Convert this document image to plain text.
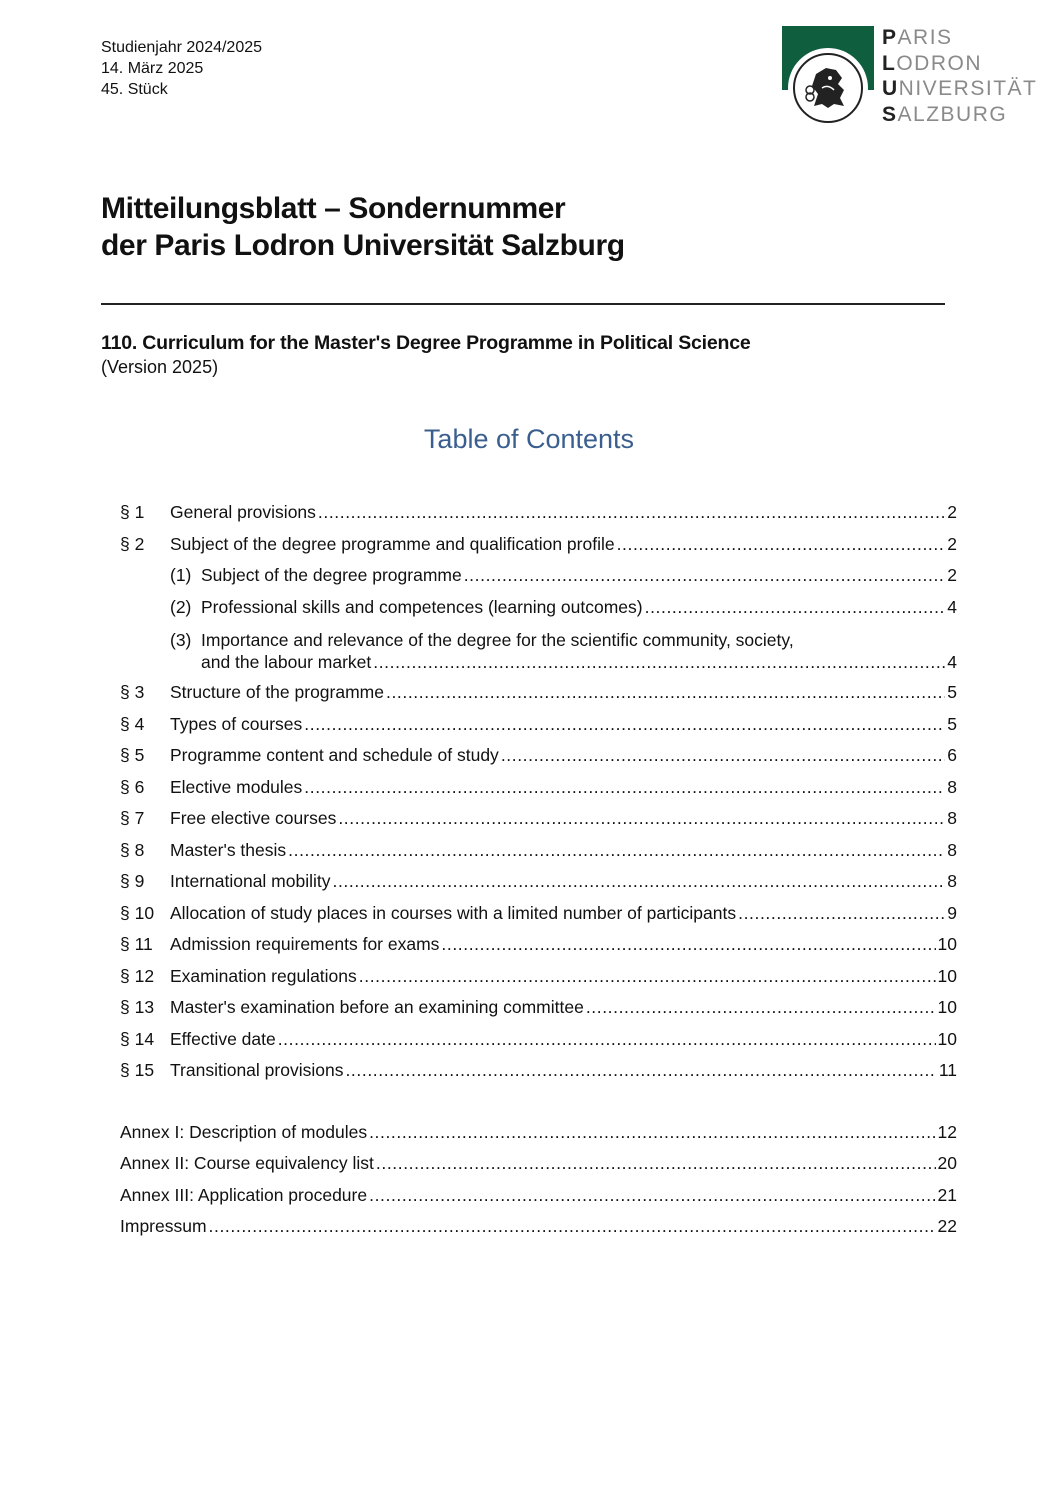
Studienjahr 2024/2025
14. März 2025
45. Stück
PARIS
LODRON
UNIVERSITÄT
SALZBURG
Mitteilungsblatt – Sondernummer
der Paris Lodron Universität Salzburg
110. Curriculum for the Master's Degree Programme in Political Science
(Version 2025)
Table of Contents
§ 1	General provisions .....	2
§ 2	Subject of the degree programme and qualification profile .....	2
(1) Subject of the degree programme .....	2
(2) Professional skills and competences (learning outcomes) .....	4
(3) Importance and relevance of the degree for the scientific community, society,
and the labour market .....	4
§ 3	Structure of the programme .....	5
§ 4	Types of courses .....	5
§ 5	Programme content and schedule of study .....	6
§ 6	Elective modules .....	8
§ 7	Free elective courses .....	8
§ 8	Master's thesis .....	8
§ 9	International mobility .....	8
§ 10 Allocation of study places in courses with a limited number of participants .....	9
§ 11 Admission requirements for exams .....	10
§ 12 Examination regulations .....	10
§ 13 Master's examination before an examining committee .....	10
§ 14 Effective date .....	10
§ 15 Transitional provisions .....	11
Annex I: Description of modules .....	12
Annex II: Course equivalency list .....	20
Annex III: Application procedure .....	21
Impressum .....	22
